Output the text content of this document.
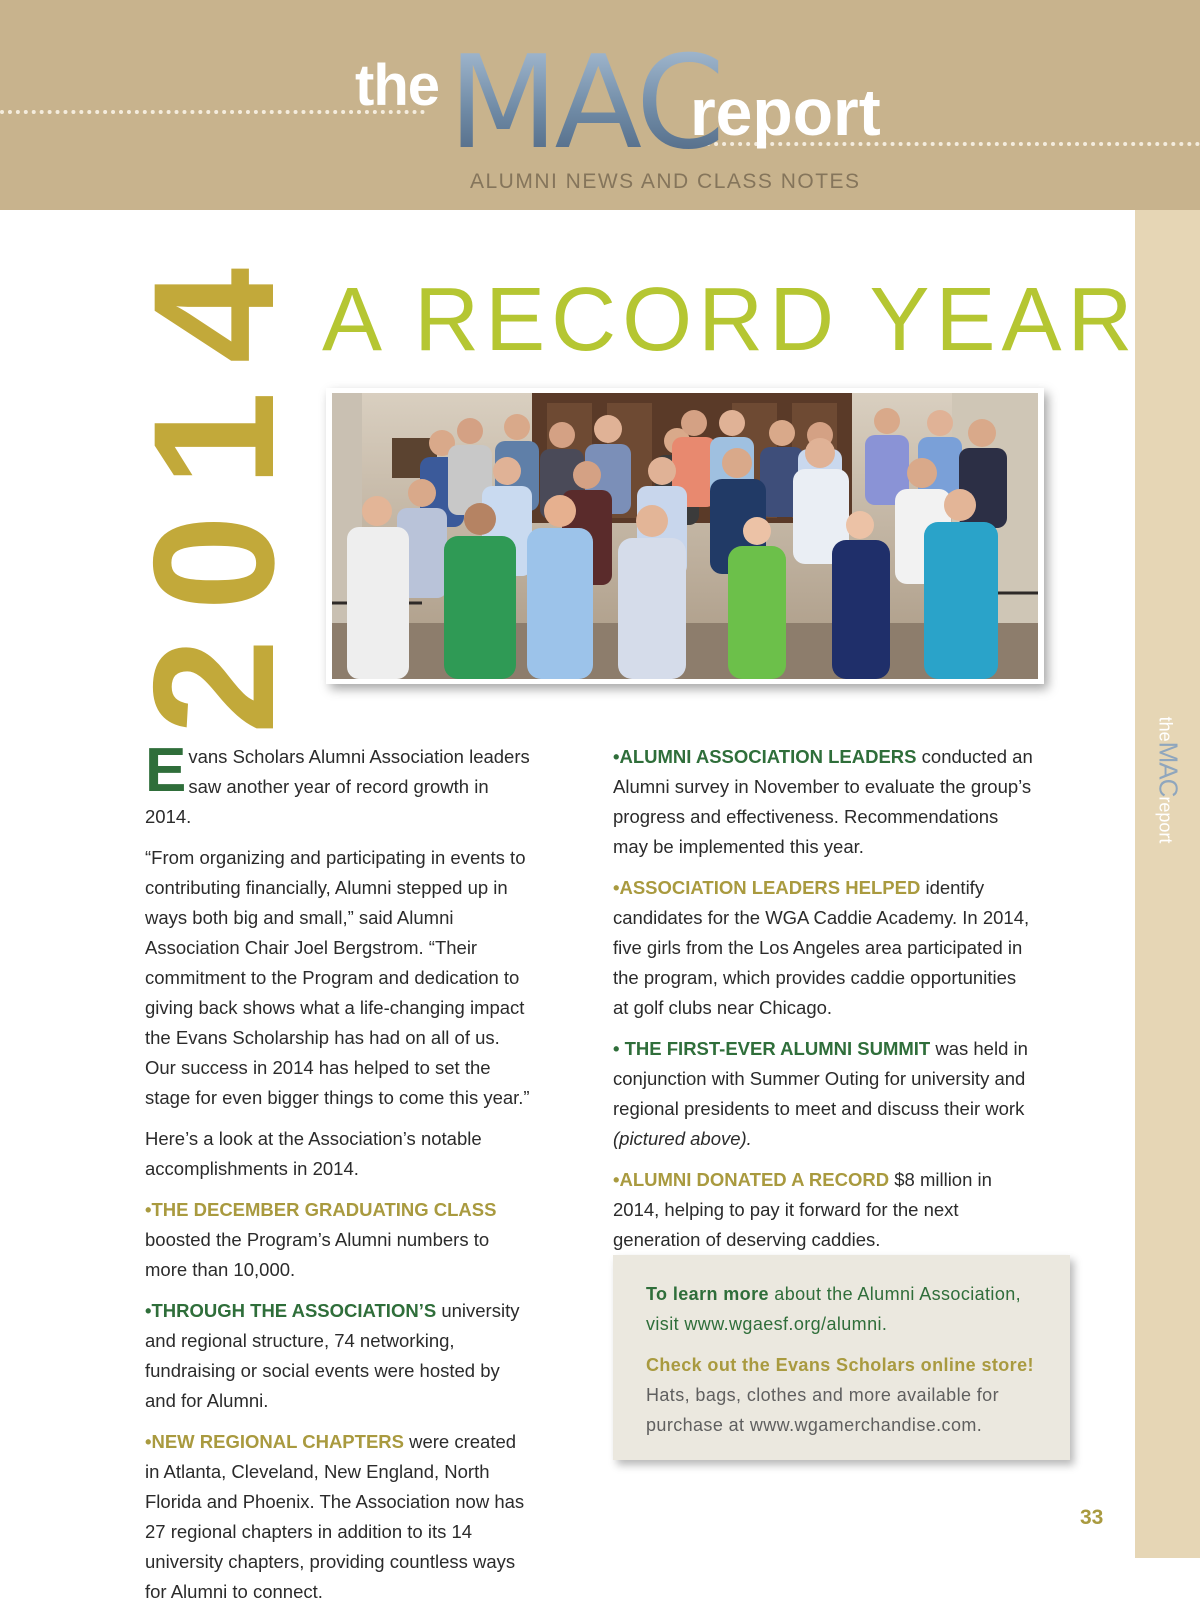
the MAC
report
ALUMNI NEWS AND CLASS NOTES
theMACreport
2014 A RECORD YEAR

Evans Scholars Alumni Association leaders saw another year of record growth in 2014.

“From organizing and participating in events to contributing financially, Alumni stepped up in ways both big and small,” said Alumni Association Chair Joel Bergstrom. “Their commitment to the Program and dedication to giving back shows what a life-changing impact the Evans Scholarship has had on all of us. Our success in 2014 has helped to set the stage for even bigger things to come this year.”

Here’s a look at the Association’s notable accomplishments in 2014.

•THE DECEMBER GRADUATING CLASS boosted the Program’s Alumni numbers to more than 10,000.

•THROUGH THE ASSOCIATION’S university and regional structure, 74 networking, fundraising or social events were hosted by and for Alumni.

•NEW REGIONAL CHAPTERS were created in Atlanta, Cleveland, New England, North Florida and Phoenix. The Association now has 27 regional chapters in addition to its 14 university chapters, providing countless ways for Alumni to connect.

•ALUMNI ASSOCIATION LEADERS conducted an Alumni survey in November to evaluate the group’s progress and effectiveness. Recommendations may be implemented this year.

•ASSOCIATION LEADERS HELPED identify candidates for the WGA Caddie Academy. In 2014, five girls from the Los Angeles area participated in the program, which provides caddie opportunities at golf clubs near Chicago.

• THE FIRST-EVER ALUMNI SUMMIT was held in conjunction with Summer Outing for university and regional presidents to meet and discuss their work (pictured above).

•ALUMNI DONATED A RECORD $8 million in 2014, helping to pay it forward for the next generation of deserving caddies.

To learn more about the Alumni Association, visit www.wgaesf.org/alumni.
Check out the Evans Scholars online store!
Hats, bags, clothes and more available for purchase at www.wgamerchandise.com.
33
